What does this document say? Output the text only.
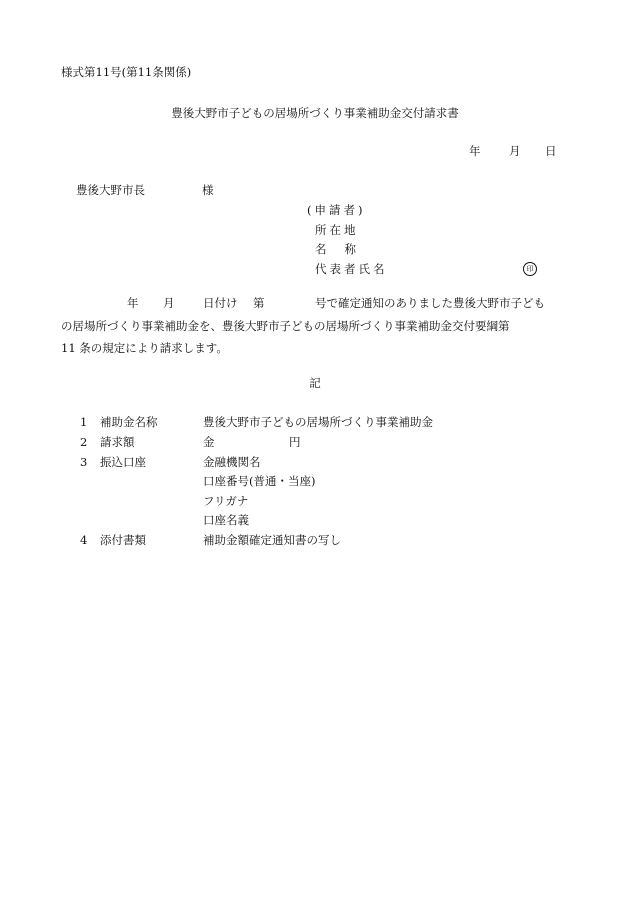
様式第11号(第11条関係)
豊後大野市子どもの居場所づくり事業補助金交付請求書
年 月 日
豊後大野市長	様
(申請者)
所在地
名称
代表者氏名	印
年 月 日付け 第	号で確定通知のありました豊後大野市子ども
の居場所づくり事業補助金を、豊後大野市子どもの居場所づくり事業補助金交付要綱第
11 条の規定により請求します。
記
1 補助金名称	豊後大野市子どもの居場所づくり事業補助金
2 請求額	金	円
3 振込口座	金融機関名
口座番号(普通・当座)
フリガナ
口座名義
4 添付書類	補助金額確定通知書の写し
